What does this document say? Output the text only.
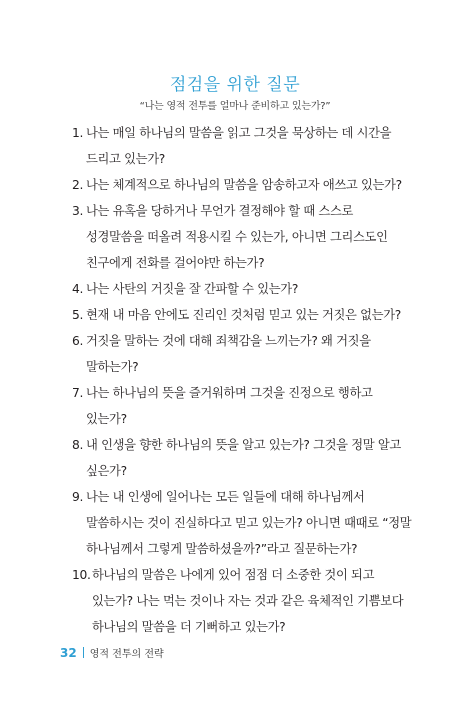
점검을 위한 질문
“나는 영적 전투를 얼마나 준비하고 있는가?”
1. 나는 매일 하나님의 말씀을 읽고 그것을 묵상하는 데 시간을 드리고 있는가?
2. 나는 체계적으로 하나님의 말씀을 암송하고자 애쓰고 있는가?
3. 나는 유혹을 당하거나 무언가 결정해야 할 때 스스로 성경말씀을 떠올려 적용시킬 수 있는가, 아니면 그리스도인 친구에게 전화를 걸어야만 하는가?
4. 나는 사탄의 거짓을 잘 간파할 수 있는가?
5. 현재 내 마음 안에도 진리인 것처럼 믿고 있는 거짓은 없는가?
6. 거짓을 말하는 것에 대해 죄책감을 느끼는가? 왜 거짓을 말하는가?
7. 나는 하나님의 뜻을 즐거워하며 그것을 진정으로 행하고 있는가?
8. 내 인생을 향한 하나님의 뜻을 알고 있는가? 그것을 정말 알고 싶은가?
9. 나는 내 인생에 일어나는 모든 일들에 대해 하나님께서 말씀하시는 것이 진실하다고 믿고 있는가? 아니면 때때로 “정말 하나님께서 그렇게 말씀하셨을까?”라고 질문하는가?
10. 하나님의 말씀은 나에게 있어 점점 더 소중한 것이 되고 있는가? 나는 먹는 것이나 자는 것과 같은 육체적인 기쁨보다 하나님의 말씀을 더 기뻐하고 있는가?
32 영적 전투의 전략
